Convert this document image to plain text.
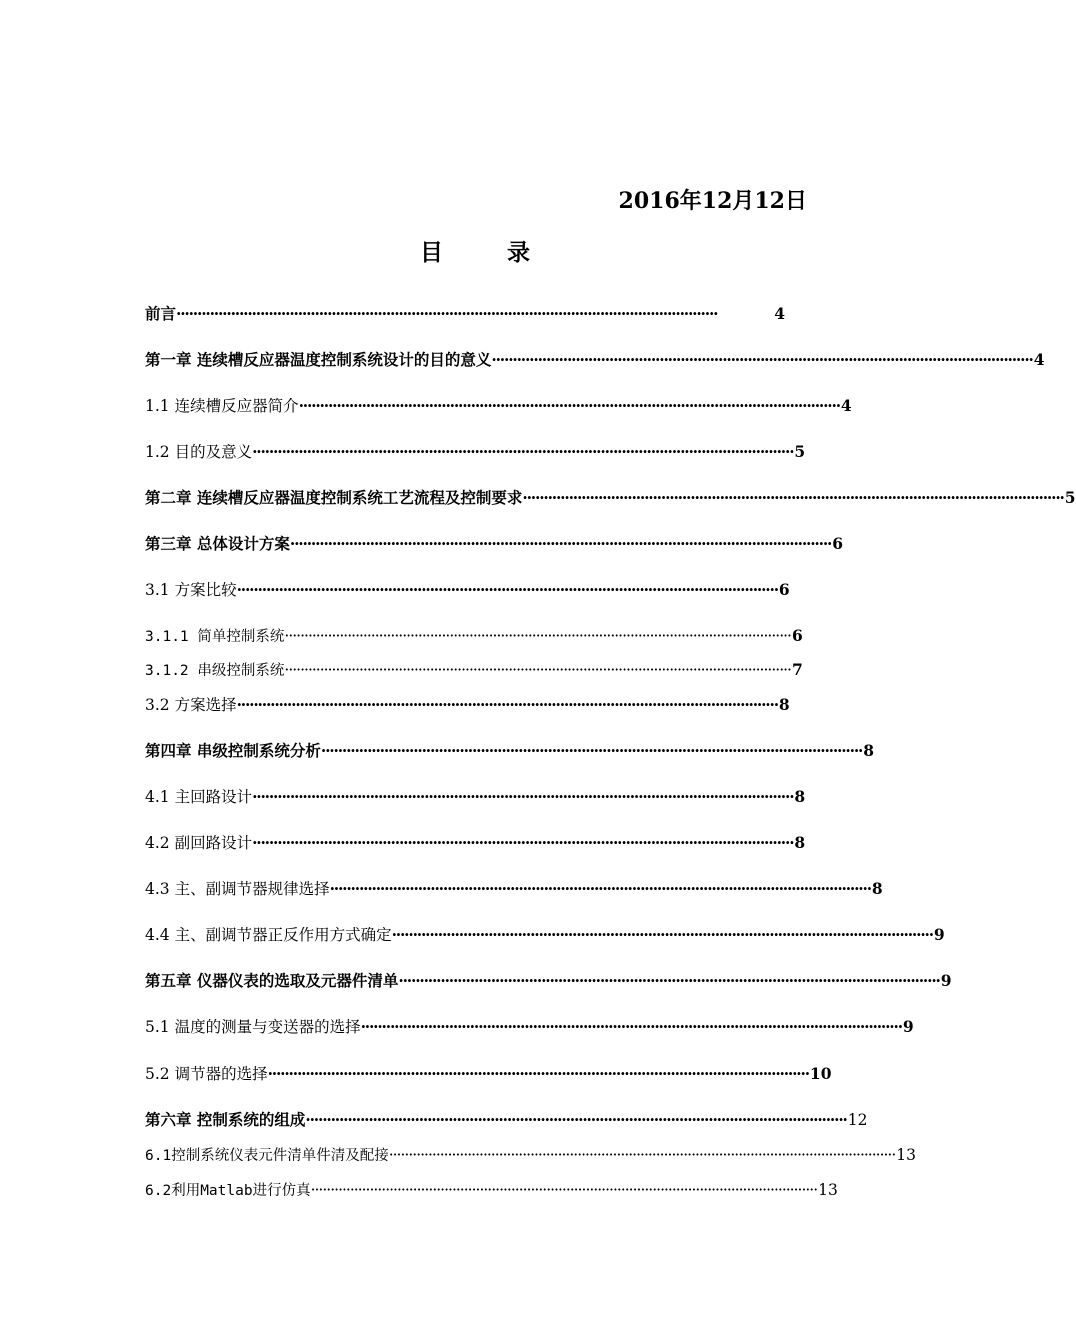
2016年12月12日
目 录
前言 ·································································································································	4
第一章 连续槽反应器温度控制系统设计的目的意义 ································································································································· 4
1.1 连续槽反应器简介 ································································································································· 4
1.2 目的及意义 ································································································································· 5
第二章 连续槽反应器温度控制系统工艺流程及控制要求 ································································································································· 5
第三章 总体设计方案 ································································································································· 6
3.1 方案比较 ································································································································· 6
3.1.1 简单控制系统 ································································································································· 6
3.1.2 串级控制系统 ································································································································· 7
3.2 方案选择 ································································································································· 8
第四章 串级控制系统分析 ································································································································· 8
4.1 主回路设计 ································································································································· 8
4.2 副回路设计 ································································································································· 8
4.3 主、副调节器规律选择 ································································································································· 8
4.4 主、副调节器正反作用方式确定 ································································································································· 9
第五章 仪器仪表的选取及元器件清单 ································································································································· 9
5.1 温度的测量与变送器的选择 ································································································································· 9
5.2 调节器的选择 ································································································································· 10
第六章 控制系统的组成 ································································································································· 12
6.1控制系统仪表元件清单件清及配接 ································································································································· 13
6.2利用Matlab进行仿真 ································································································································· 13
